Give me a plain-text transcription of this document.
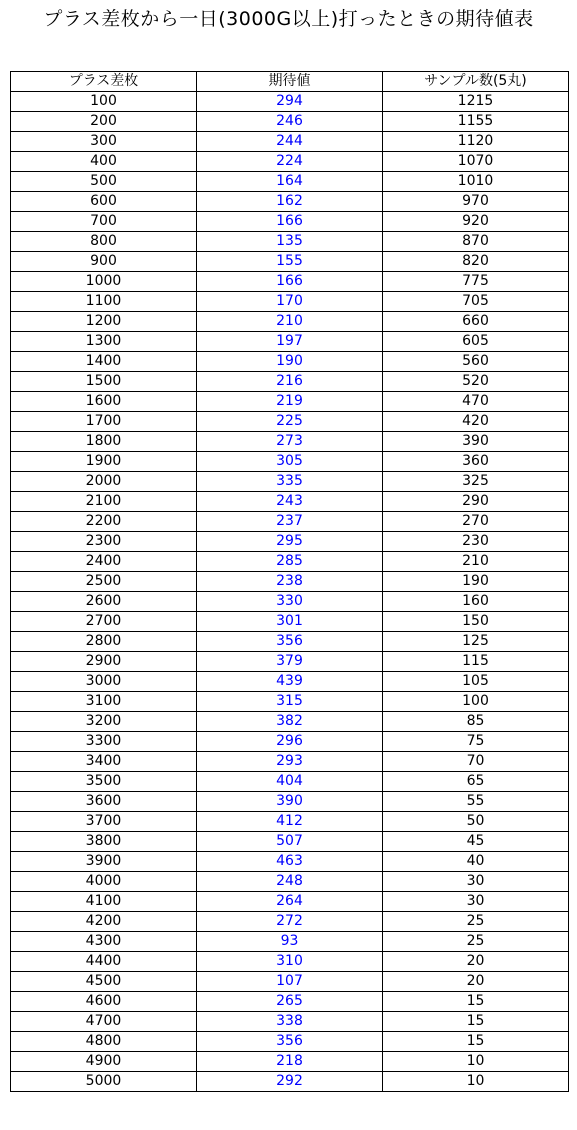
プラス差枚から一日(3000G以上)打ったときの期待値表
プラス差枚	期待値	サンプル数(5丸)
100	294	1215
200	246	1155
300	244	1120
400	224	1070
500	164	1010
600	162	970
700	166	920
800	135	870
900	155	820
1000	166	775
1100	170	705
1200	210	660
1300	197	605
1400	190	560
1500	216	520
1600	219	470
1700	225	420
1800	273	390
1900	305	360
2000	335	325
2100	243	290
2200	237	270
2300	295	230
2400	285	210
2500	238	190
2600	330	160
2700	301	150
2800	356	125
2900	379	115
3000	439	105
3100	315	100
3200	382	85
3300	296	75
3400	293	70
3500	404	65
3600	390	55
3700	412	50
3800	507	45
3900	463	40
4000	248	30
4100	264	30
4200	272	25
4300	93	25
4400	310	20
4500	107	20
4600	265	15
4700	338	15
4800	356	15
4900	218	10
5000	292	10
